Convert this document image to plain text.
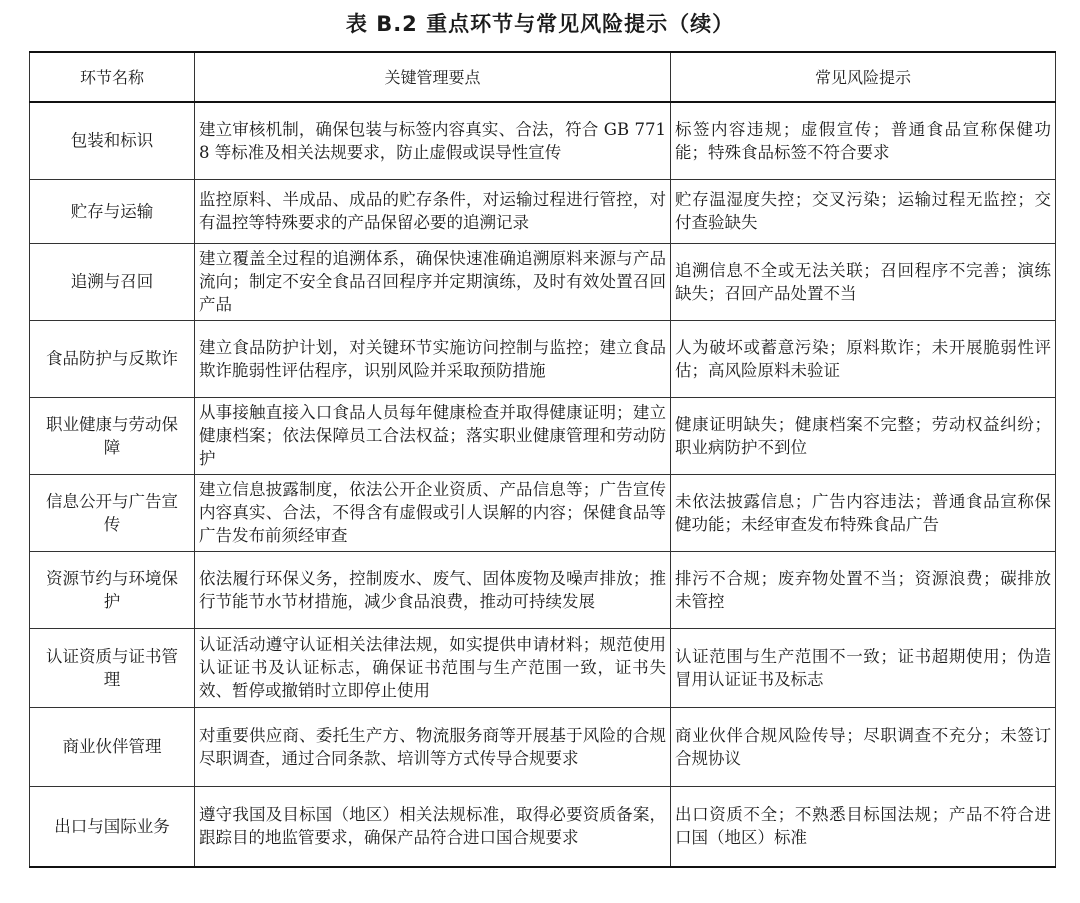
表 B.2 重点环节与常见风险提示（续）
环节名称	关键管理要点	常见风险提示
包装和标识	建立审核机制，确保包装与标签内容真实、合法，符合 GB 7718 等标准及相关法规要求，防止虚假或误导性宣传	标签内容违规；虚假宣传；普通食品宣称保健功能；特殊食品标签不符合要求
贮存与运输	监控原料、半成品、成品的贮存条件，对运输过程进行管控，对有温控等特殊要求的产品保留必要的追溯记录	贮存温湿度失控；交叉污染；运输过程无监控；交付查验缺失
追溯与召回	建立覆盖全过程的追溯体系，确保快速准确追溯原料来源与产品流向；制定不安全食品召回程序并定期演练，及时有效处置召回产品	追溯信息不全或无法关联；召回程序不完善；演练缺失；召回产品处置不当
食品防护与反欺诈	建立食品防护计划，对关键环节实施访问控制与监控；建立食品欺诈脆弱性评估程序，识别风险并采取预防措施	人为破坏或蓄意污染；原料欺诈；未开展脆弱性评估；高风险原料未验证
职业健康与劳动保障	从事接触直接入口食品人员每年健康检查并取得健康证明；建立健康档案；依法保障员工合法权益；落实职业健康管理和劳动防护	健康证明缺失；健康档案不完整；劳动权益纠纷；职业病防护不到位
信息公开与广告宣传	建立信息披露制度，依法公开企业资质、产品信息等；广告宣传内容真实、合法，不得含有虚假或引人误解的内容；保健食品等广告发布前须经审查	未依法披露信息；广告内容违法；普通食品宣称保健功能；未经审查发布特殊食品广告
资源节约与环境保护	依法履行环保义务，控制废水、废气、固体废物及噪声排放；推行节能节水节材措施，减少食品浪费，推动可持续发展	排污不合规；废弃物处置不当；资源浪费；碳排放未管控
认证资质与证书管理	认证活动遵守认证相关法律法规，如实提供申请材料；规范使用认证证书及认证标志，确保证书范围与生产范围一致，证书失效、暂停或撤销时立即停止使用	认证范围与生产范围不一致；证书超期使用；伪造冒用认证证书及标志
商业伙伴管理	对重要供应商、委托生产方、物流服务商等开展基于风险的合规尽职调查，通过合同条款、培训等方式传导合规要求	商业伙伴合规风险传导；尽职调查不充分；未签订合规协议
出口与国际业务	遵守我国及目标国（地区）相关法规标准，取得必要资质备案，跟踪目的地监管要求，确保产品符合进口国合规要求	出口资质不全；不熟悉目标国法规；产品不符合进口国（地区）标准
